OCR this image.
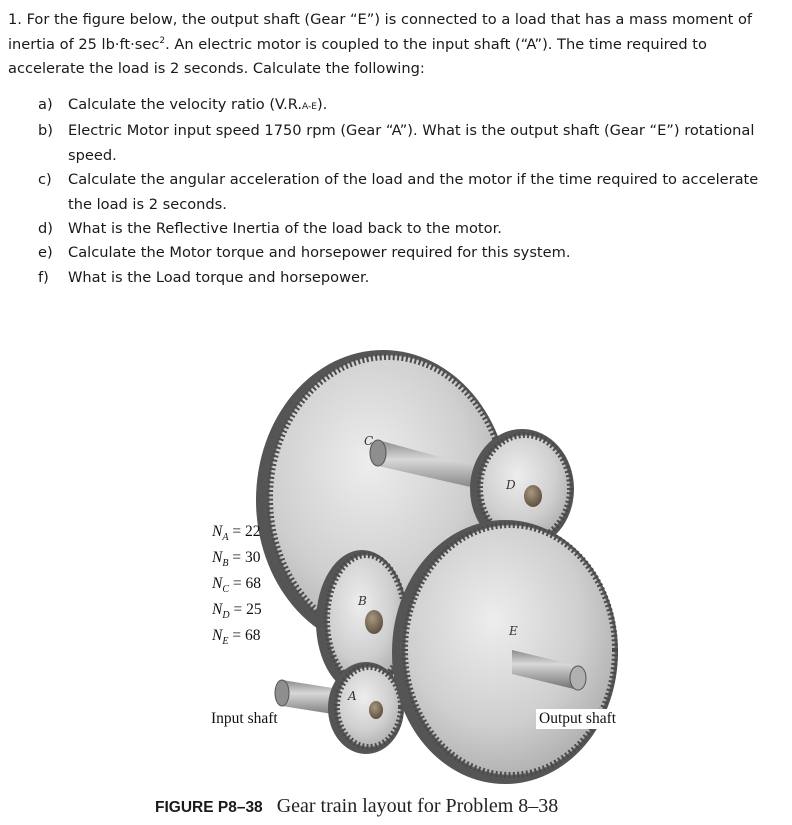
1. For the figure below, the output shaft (Gear “E”) is connected to a load that has a mass moment of inertia of 25 $lb\cdot ft\cdot\sec^2$. An electric motor is coupled to the input shaft (“A”). The time required to accelerate the load is 2 seconds. Calculate the following:
a)	Calculate the velocity ratio (V.R.A-E).
b)	Electric Motor input speed 1750 rpm (Gear “A”). What is the output shaft (Gear “E”) rotational speed.
c)	Calculate the angular acceleration of the load and the motor if the time required to accelerate the load is 2 seconds.
d)	What is the Reflective Inertia of the load back to the motor.
e)	Calculate the Motor torque and horsepower required for this system.
f)	What is the Load torque and horsepower.
C
D
B
A
E
$N_A = 22$
$N_B = 30$
$N_C = 68$
$N_D = 25$
$N_E = 68$
Input shaft	Output shaft
FIGURE P8–38 Gear train layout for Problem 8–38
